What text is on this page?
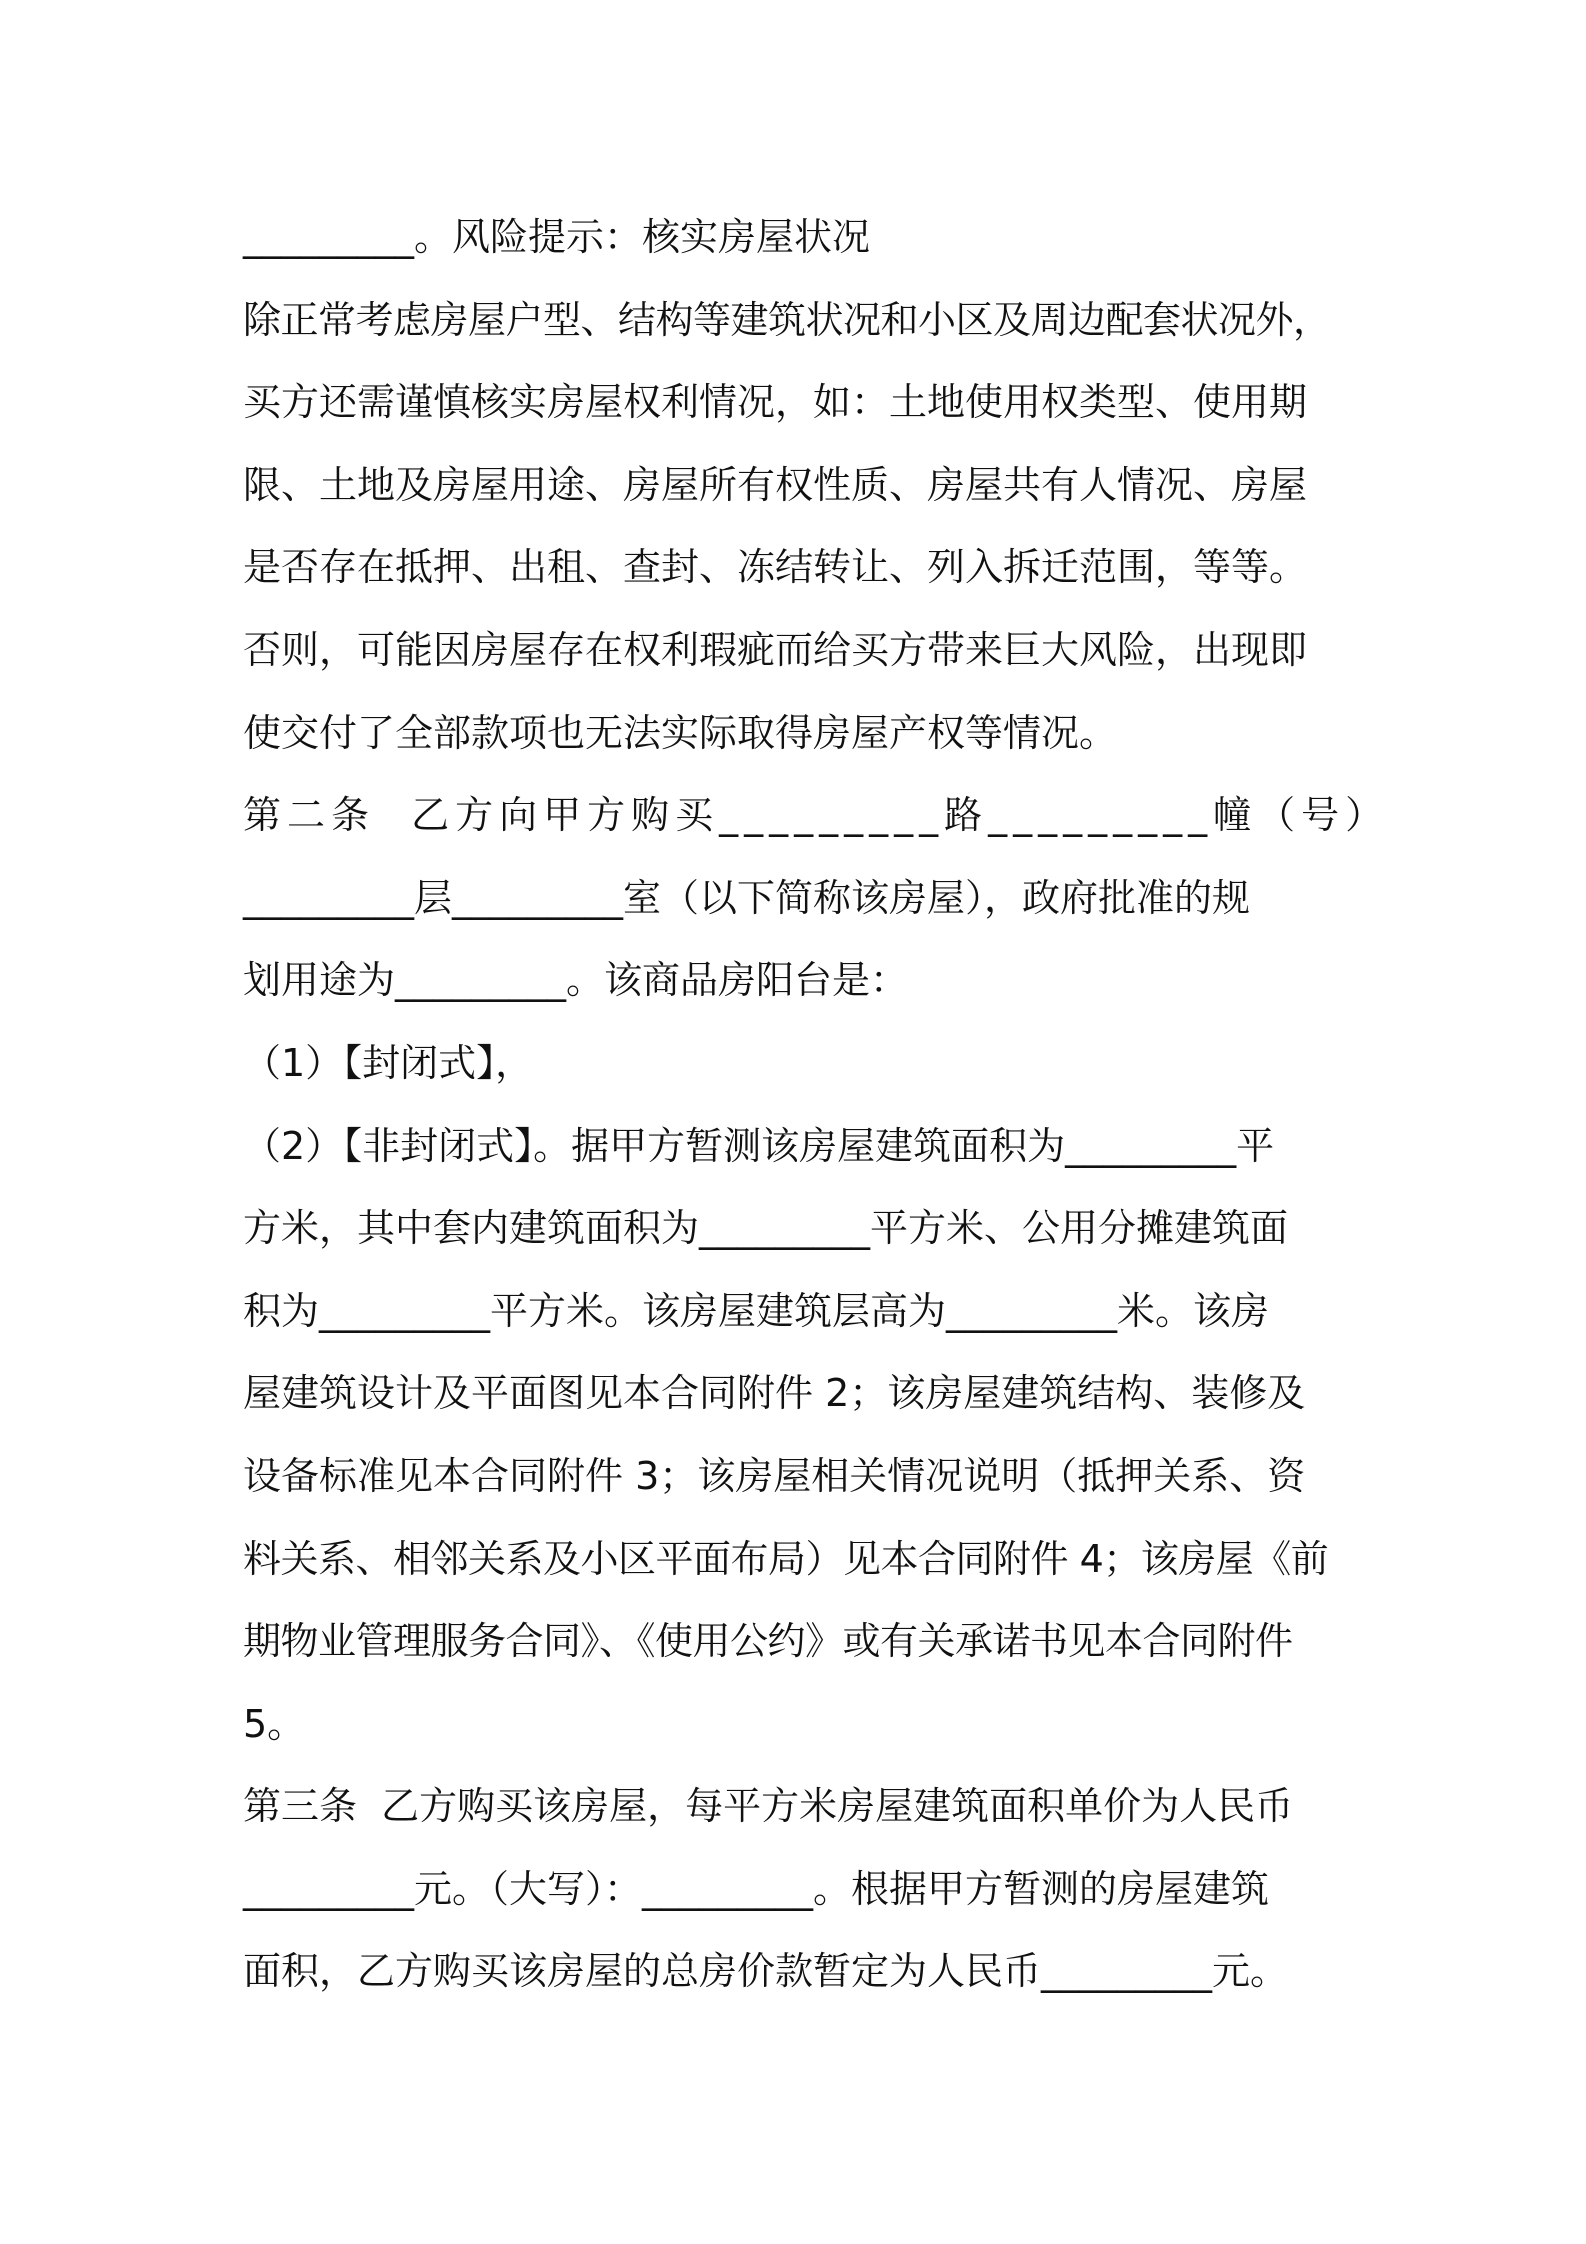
_________。风险提示：核实房屋状况
除正常考虑房屋户型、结构等建筑状况和小区及周边配套状况外，
买方还需谨慎核实房屋权利情况，如：土地使用权类型、使用期
限、土地及房屋用途、房屋所有权性质、房屋共有人情况、房屋
是否存在抵押、出租、查封、冻结转让、列入拆迁范围，等等。
否则，可能因房屋存在权利瑕疵而给买方带来巨大风险，出现即
使交付了全部款项也无法实际取得房屋产权等情况。
第二条  乙方向甲方购买_________路_________幢（号）
_________层_________室（以下简称该房屋），政府批准的规
划用途为_________。该商品房阳台是：
（1）【封闭式】，
（2）【非封闭式】。据甲方暂测该房屋建筑面积为_________平
方米，其中套内建筑面积为_________平方米、公用分摊建筑面
积为_________平方米。该房屋建筑层高为_________米。该房
屋建筑设计及平面图见本合同附件 2；该房屋建筑结构、装修及
设备标准见本合同附件 3；该房屋相关情况说明（抵押关系、资
料关系、相邻关系及小区平面布局）见本合同附件 4；该房屋《前
期物业管理服务合同》、《使用公约》或有关承诺书见本合同附件
5。
第三条  乙方购买该房屋，每平方米房屋建筑面积单价为人民币
_________元。（大写）：_________。根据甲方暂测的房屋建筑
面积，乙方购买该房屋的总房价款暂定为人民币_________元。
